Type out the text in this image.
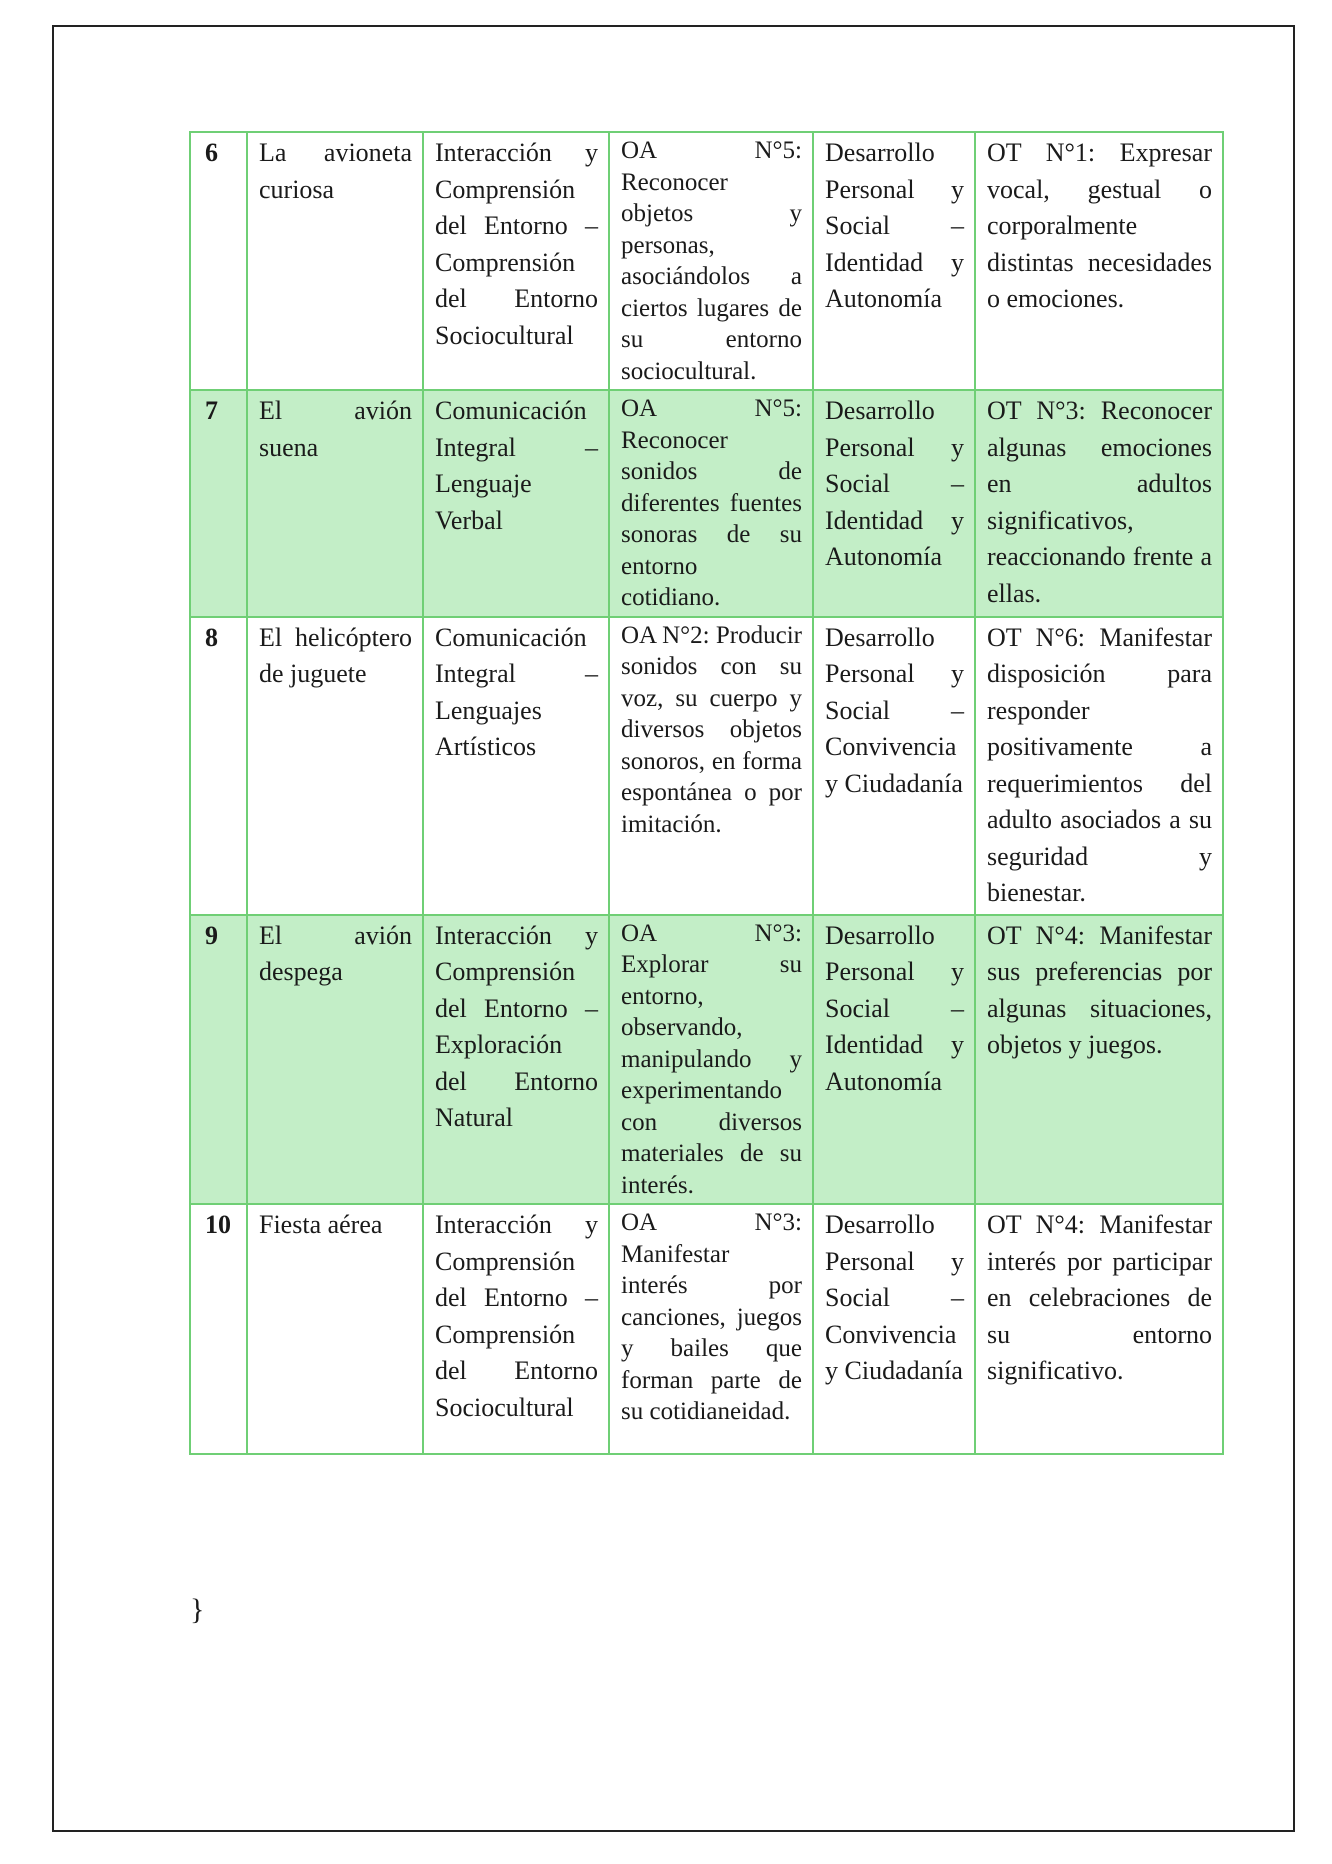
6	La avioneta curiosa	Interacción y Comprensión del Entorno – Comprensión del Entorno Sociocultural	OA N°5: Reconocer objetos y personas, asociándolos a ciertos lugares de su entorno sociocultural.	Desarrollo Personal y Social – Identidad y Autonomía	OT N°1: Expresar vocal, gestual o corporalmente distintas necesidades o emociones.
7	El avión suena	Comunicación Integral – Lenguaje Verbal	OA N°5: Reconocer sonidos de diferentes fuentes sonoras de su entorno cotidiano.	Desarrollo Personal y Social – Identidad y Autonomía	OT N°3: Reconocer algunas emociones en adultos significativos, reaccionando frente a ellas.
8	El helicóptero de juguete	Comunicación Integral – Lenguajes Artísticos	OA N°2: Producir sonidos con su voz, su cuerpo y diversos objetos sonoros, en forma espontánea o por imitación.	Desarrollo Personal y Social – Convivencia y Ciudadanía	OT N°6: Manifestar disposición para responder positivamente a requerimientos del adulto asociados a su seguridad y bienestar.
9	El avión despega	Interacción y Comprensión del Entorno – Exploración del Entorno Natural	OA N°3: Explorar su entorno, observando, manipulando y experimentando con diversos materiales de su interés.	Desarrollo Personal y Social – Identidad y Autonomía	OT N°4: Manifestar sus preferencias por algunas situaciones, objetos y juegos.
10	Fiesta aérea	Interacción y Comprensión del Entorno – Comprensión del Entorno Sociocultural	OA N°3: Manifestar interés por canciones, juegos y bailes que forman parte de su cotidianeidad.	Desarrollo Personal y Social – Convivencia y Ciudadanía	OT N°4: Manifestar interés por participar en celebraciones de su entorno significativo.
}
